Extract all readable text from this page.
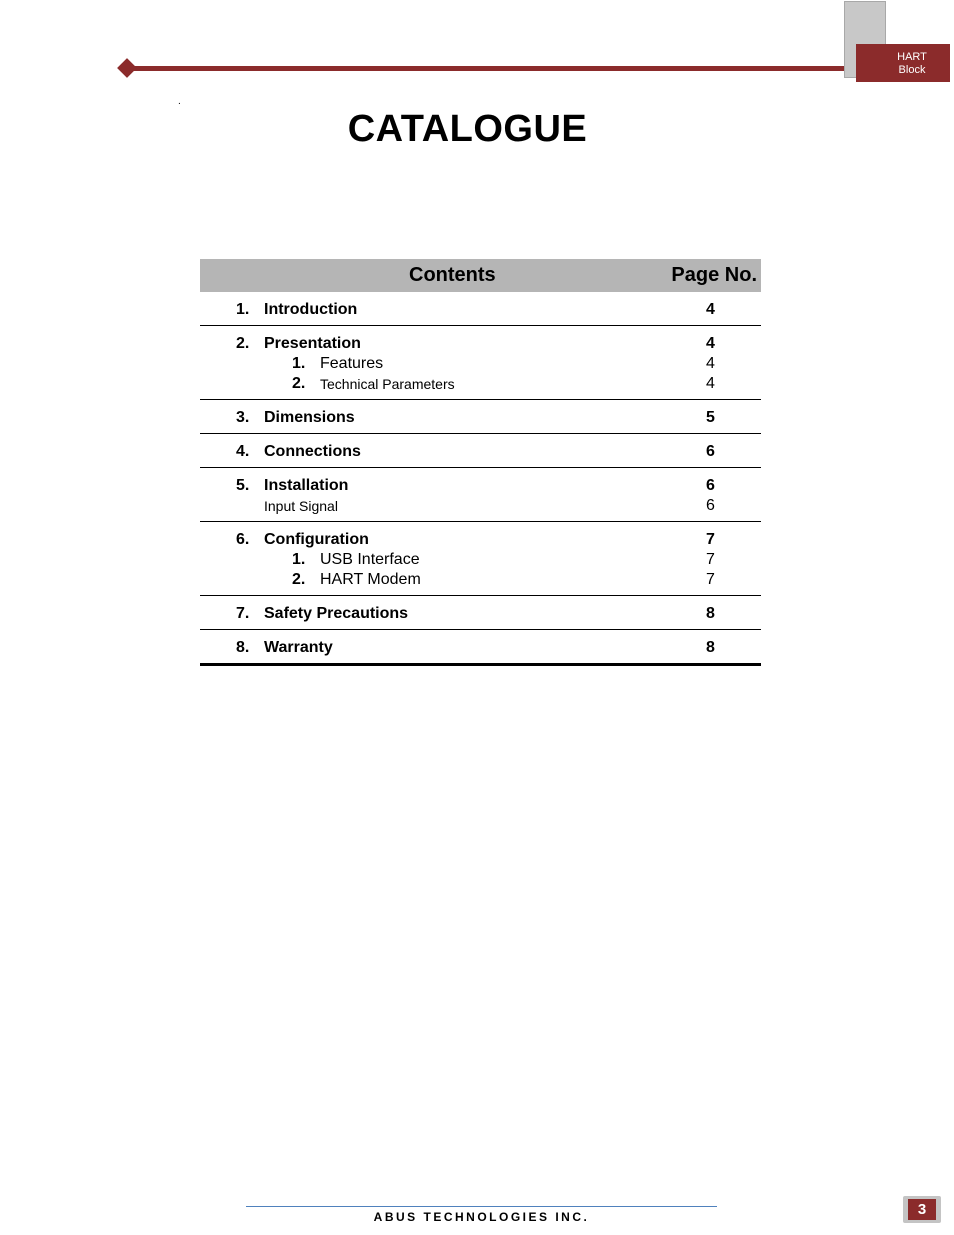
HART
Block
.
CATALOGUE
Contents	Page No.
1. Introduction	4
2. Presentation	4
1. Features	4
2. Technical Parameters	4
3. Dimensions	5
4. Connections	6
5. Installation	6
Input Signal	6
6. Configuration	7
1. USB Interface	7
2. HART Modem	7
7. Safety Precautions	8
8. Warranty	8
ABUS TECHNOLOGIES INC.	3
